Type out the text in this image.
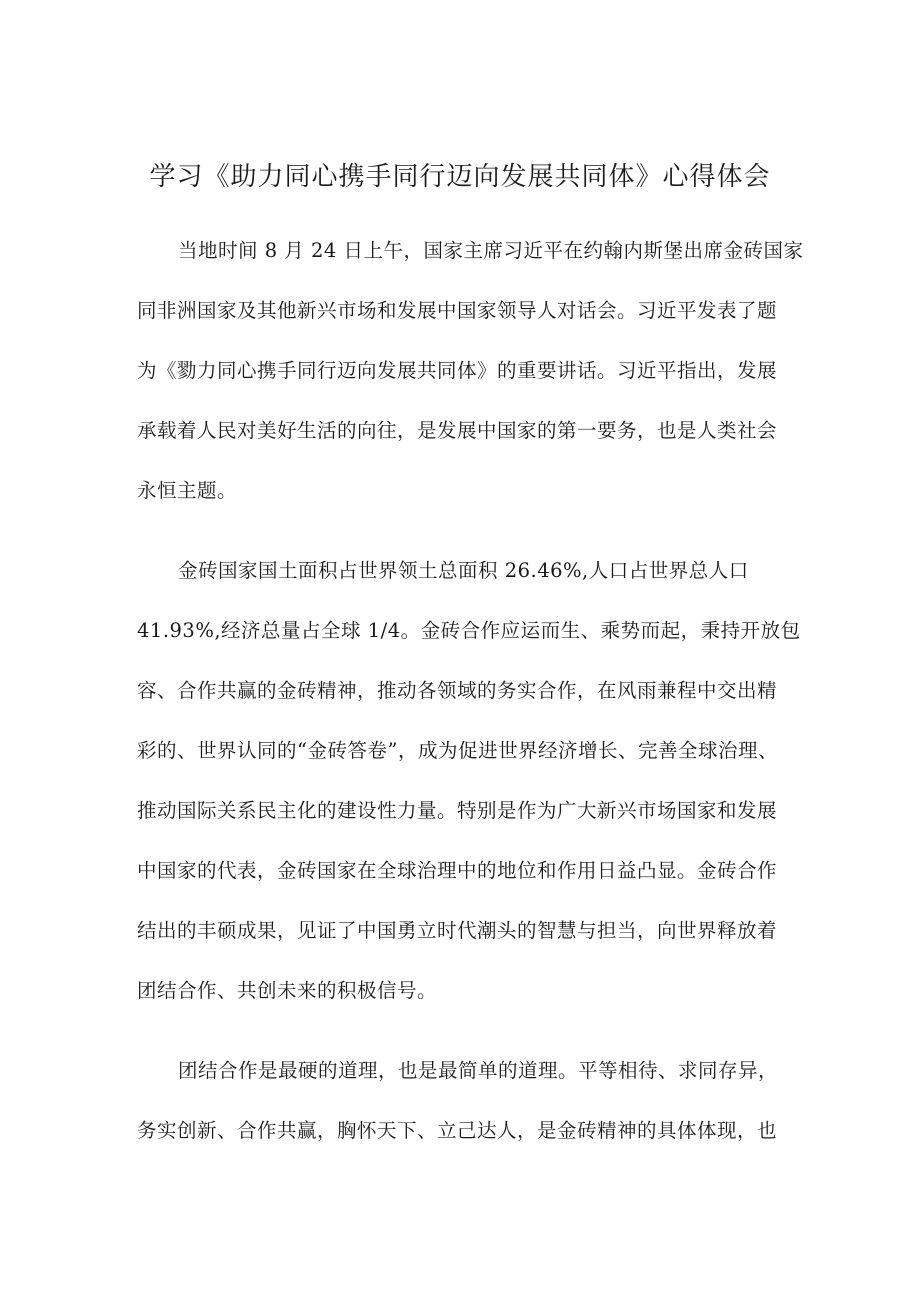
学习《助力同心携手同行迈向发展共同体》心得体会
当地时间 8 月 24 日上午，国家主席习近平在约翰内斯堡出席金砖国家
同非洲国家及其他新兴市场和发展中国家领导人对话会。习近平发表了题
为《勠力同心携手同行迈向发展共同体》的重要讲话。习近平指出，发展
承载着人民对美好生活的向往，是发展中国家的第一要务，也是人类社会
永恒主题。
金砖国家国土面积占世界领土总面积 26.46%,人口占世界总人口
41.93%,经济总量占全球 1/4。金砖合作应运而生、乘势而起，秉持开放包
容、合作共赢的金砖精神，推动各领域的务实合作，在风雨兼程中交出精
彩的、世界认同的“金砖答卷”，成为促进世界经济增长、完善全球治理、
推动国际关系民主化的建设性力量。特别是作为广大新兴市场国家和发展
中国家的代表，金砖国家在全球治理中的地位和作用日益凸显。金砖合作
结出的丰硕成果，见证了中国勇立时代潮头的智慧与担当，向世界释放着
团结合作、共创未来的积极信号。
团结合作是最硬的道理，也是最简单的道理。平等相待、求同存异，
务实创新、合作共赢，胸怀天下、立己达人，是金砖精神的具体体现，也
